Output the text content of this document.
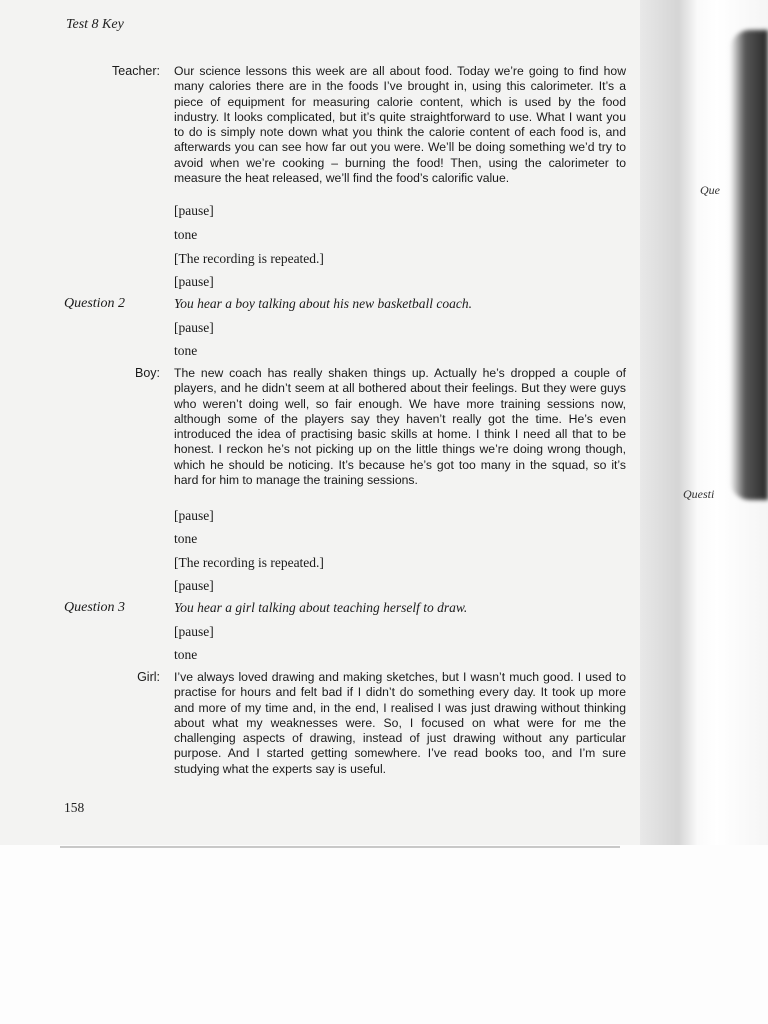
Test 8 Key
Teacher: Our science lessons this week are all about food. Today we’re going to find how many calories there are in the foods I’ve brought in, using this calorimeter. It’s a piece of equipment for measuring calorie content, which is used by the food industry. It looks complicated, but it’s quite straightforward to use. What I want you to do is simply note down what you think the calorie content of each food is, and afterwards you can see how far out you were. We’ll be doing something we’d try to avoid when we’re cooking – burning the food! Then, using the calorimeter to measure the heat released, we’ll find the food’s calorific value.
[pause]
tone
[The recording is repeated.]
[pause]
Question 2	You hear a boy talking about his new basketball coach.
[pause]
tone
Boy: The new coach has really shaken things up. Actually he’s dropped a couple of players, and he didn’t seem at all bothered about their feelings. But they were guys who weren’t doing well, so fair enough. We have more training sessions now, although some of the players say they haven’t really got the time. He’s even introduced the idea of practising basic skills at home. I think I need all that to be honest. I reckon he’s not picking up on the little things we’re doing wrong though, which he should be noticing. It’s because he’s got too many in the squad, so it’s hard for him to manage the training sessions.
[pause]
tone
[The recording is repeated.]
[pause]
Question 3	You hear a girl talking about teaching herself to draw.
[pause]
tone
Girl: I’ve always loved drawing and making sketches, but I wasn’t much good. I used to practise for hours and felt bad if I didn’t do something every day. It took up more and more of my time and, in the end, I realised I was just drawing without thinking about what my weaknesses were. So, I focused on what were for me the challenging aspects of drawing, instead of just drawing without any particular purpose. And I started getting somewhere. I’ve read books too, and I’m sure studying what the experts say is useful.
158
Que
Questi
